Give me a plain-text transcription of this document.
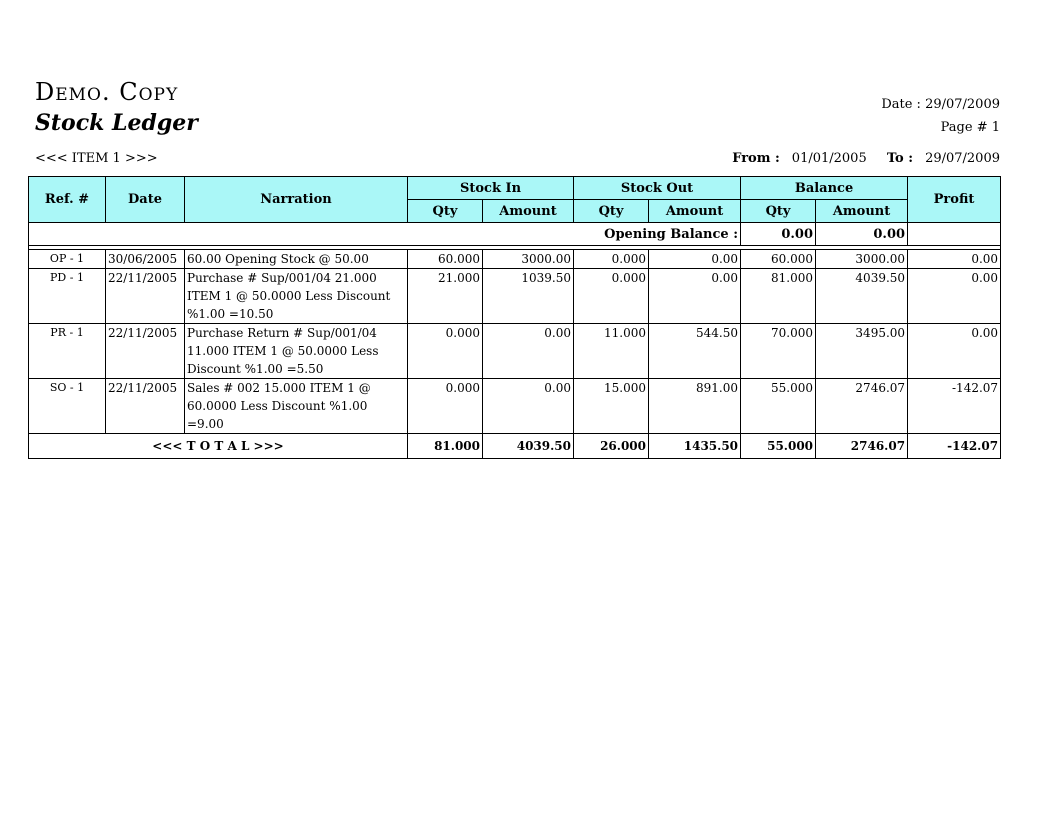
Demo. Copy
Stock Ledger
Date : 29/07/2009
Page # 1
<<< ITEM 1 >>>	From : 01/01/2005 To : 29/07/2009
Ref. #	Date	Narration	Stock In		Stock Out		Balance		Profit
			Qty	Amount	Qty	Amount	Qty	Amount	
Opening Balance :							0.00	0.00	

OP - 1	30/06/2005	60.00 Opening Stock @ 50.00	60.000	3000.00	0.000	0.00	60.000	3000.00	0.00
PD - 1	22/11/2005	Purchase # Sup/001/04 21.000 ITEM 1 @ 50.0000 Less Discount %1.00 =10.50	21.000	1039.50	0.000	0.00	81.000	4039.50	0.00
PR - 1	22/11/2005	Purchase Return # Sup/001/04 11.000 ITEM 1 @ 50.0000 Less Discount %1.00 =5.50	0.000	0.00	11.000	544.50	70.000	3495.00	0.00
SO - 1	22/11/2005	Sales # 002 15.000 ITEM 1 @ 60.0000 Less Discount %1.00 =9.00	0.000	0.00	15.000	891.00	55.000	2746.07	-142.07
<<< T O T A L >>>			81.000	4039.50	26.000	1435.50	55.000	2746.07	-142.07
